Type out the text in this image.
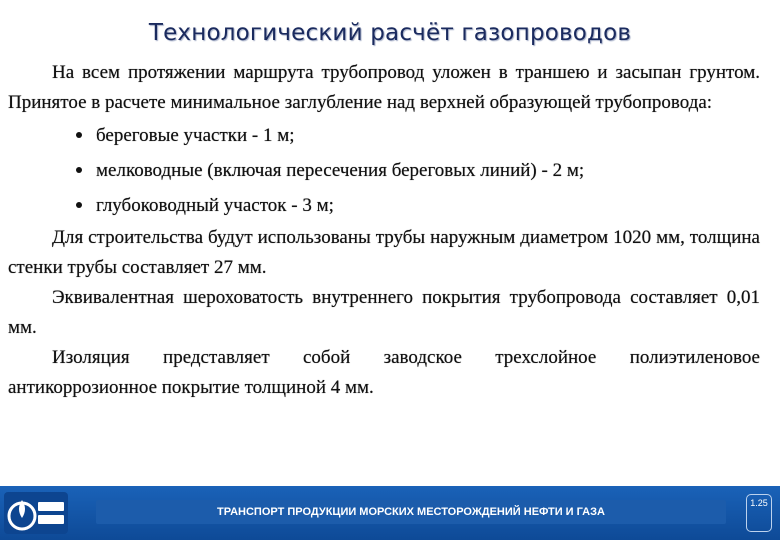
Технологический расчёт газопроводов

На всем протяжении маршрута трубопровод уложен в траншею и засыпан грунтом. Принятое в расчете минимальное заглубление над верхней образующей трубопровода:

береговые участки - 1 м;
мелководные (включая пересечения береговых линий) - 2 м;
глубоководный участок - 3 м;

Для строительства будут использованы трубы наружным диаметром 1020 мм, толщина стенки трубы составляет 27 мм.

Эквивалентная шероховатость внутреннего покрытия трубопровода составляет 0,01 мм.

Изоляция представляет собой заводское трехслойное полиэтиленовое антикоррозионное покрытие толщиной 4 мм.

ТРАНСПОРТ ПРОДУКЦИИ МОРСКИХ МЕСТОРОЖДЕНИЙ НЕФТИ И ГАЗА
1.25
